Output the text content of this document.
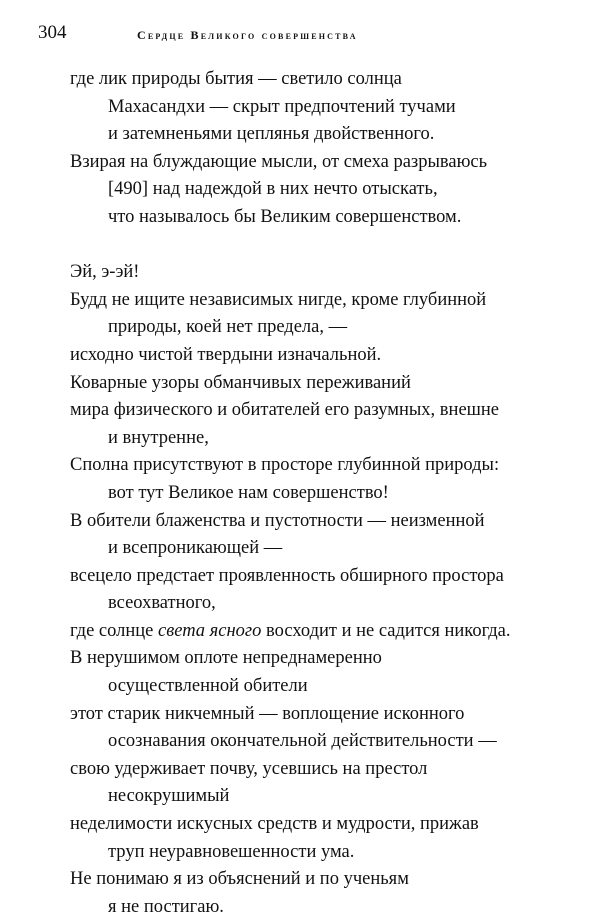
304	Сердце Великого совершенства
где лик природы бытия — светило солнца
Махасандхи — скрыт предпочтений тучами
и затемненьями цеплянья двойственного.
Взирая на блуждающие мысли, от смеха разрываюсь
[490] над надеждой в них нечто отыскать,
что называлось бы Великим совершенством.
Эй, э-эй!
Будд не ищите независимых нигде, кроме глубинной
природы, коей нет предела, —
исходно чистой твердыни изначальной.
Коварные узоры обманчивых переживаний
мира физического и обитателей его разумных, внешне
и внутренне,
Сполна присутствуют в просторе глубинной природы:
вот тут Великое нам совершенство!
В обители блаженства и пустотности — неизменной
и всепроникающей —
всецело предстает проявленность обширного простора
всеохватного,
где солнце света ясного восходит и не садится никогда.
В нерушимом оплоте непреднамеренно
осуществленной обители
этот старик никчемный — воплощение исконного
осознавания окончательной действительности —
свою удерживает почву, усевшись на престол
несокрушимый
неделимости искусных средств и мудрости, прижав
труп неуравновешенности ума.
Не понимаю я из объяснений и по ученьям
я не постигаю.
